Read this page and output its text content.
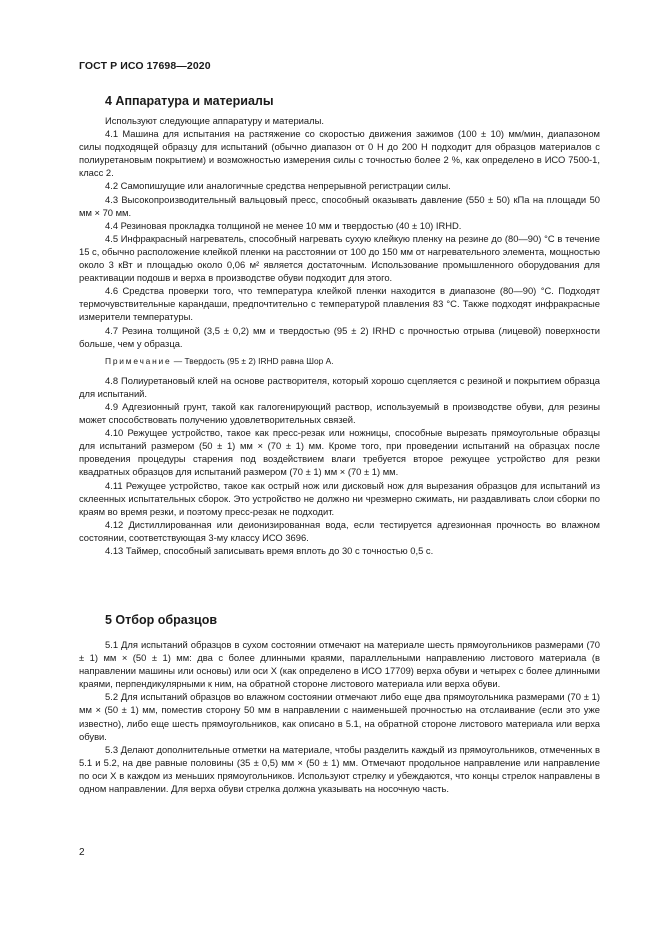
ГОСТ Р ИСО 17698—2020
4 Аппаратура и материалы

Используют следующие аппаратуру и материалы.

4.1 Машина для испытания на растяжение со скоростью движения зажимов (100 ± 10) мм/мин, диапазоном силы подходящей образцу для испытаний (обычно диапазон от 0 Н до 200 Н подходит для образцов материалов с полиуретановым покрытием) и возможностью измерения силы с точностью более 2 %, как определено в ИСО 7500-1, класс 2.

4.2 Самопишущие или аналогичные средства непрерывной регистрации силы.

4.3 Высокопроизводительный вальцовый пресс, способный оказывать давление (550 ± 50) кПа на площади 50 мм × 70 мм.

4.4 Резиновая прокладка толщиной не менее 10 мм и твердостью (40 ± 10) IRHD.

4.5 Инфракрасный нагреватель, способный нагревать сухую клейкую пленку на резине до (80—90) °С в течение 15 с, обычно расположение клейкой пленки на расстоянии от 100 до 150 мм от нагревательного элемента, мощностью около 3 кВт и площадью около 0,06 м² является достаточным. Использование промышленного оборудования для реактивации подошв и верха в производстве обуви подходит для этого.

4.6 Средства проверки того, что температура клейкой пленки находится в диапазоне (80—90) °С. Подходят термочувствительные карандаши, предпочтительно с температурой плавления 83 °С. Также подходят инфракрасные измерители температуры.

4.7 Резина толщиной (3,5 ± 0,2) мм и твердостью (95 ± 2) IRHD с прочностью отрыва (лицевой) поверхности больше, чем у образца.

Примечание — Твердость (95 ± 2) IRHD равна Шор А.

4.8 Полиуретановый клей на основе растворителя, который хорошо сцепляется с резиной и покрытием образца для испытаний.

4.9 Адгезионный грунт, такой как галогенирующий раствор, используемый в производстве обуви, для резины может способствовать получению удовлетворительных связей.

4.10 Режущее устройство, такое как пресс-резак или ножницы, способные вырезать прямоугольные образцы для испытаний размером (50 ± 1) мм × (70 ± 1) мм. Кроме того, при проведении испытаний на образцах после проведения процедуры старения под воздействием влаги требуется второе режущее устройство для резки квадратных образцов для испытаний размером (70 ± 1) мм × (70 ± 1) мм.

4.11 Режущее устройство, такое как острый нож или дисковый нож для вырезания образцов для испытаний из склеенных испытательных сборок. Это устройство не должно ни чрезмерно сжимать, ни раздавливать слои сборки по краям во время резки, и поэтому пресс-резак не подходит.

4.12 Дистиллированная или деионизированная вода, если тестируется адгезионная прочность во влажном состоянии, соответствующая 3-му классу ИСО 3696.

4.13 Таймер, способный записывать время вплоть до 30 с точностью 0,5 с.

5 Отбор образцов

5.1 Для испытаний образцов в сухом состоянии отмечают на материале шесть прямоугольников размерами (70 ± 1) мм × (50 ± 1) мм: два с более длинными краями, параллельными направлению листового материала (в направлении машины или основы) или оси X (как определено в ИСО 17709) верха обуви и четырех с более длинными краями, перпендикулярными к ним, на обратной стороне листового материала или верха обуви.

5.2 Для испытаний образцов во влажном состоянии отмечают либо еще два прямоугольника размерами (70 ± 1) мм × (50 ± 1) мм, поместив сторону 50 мм в направлении с наименьшей прочностью на отслаивание (если это уже известно), либо еще шесть прямоугольников, как описано в 5.1, на обратной стороне листового материала или верха обуви.

5.3 Делают дополнительные отметки на материале, чтобы разделить каждый из прямоугольников, отмеченных в 5.1 и 5.2, на две равные половины (35 ± 0,5) мм × (50 ± 1) мм. Отмечают продольное направление или направление по оси X в каждом из меньших прямоугольников. Используют стрелку и убеждаются, что концы стрелок направлены в одном направлении. Для верха обуви стрелка должна указывать на носочную часть.

2
